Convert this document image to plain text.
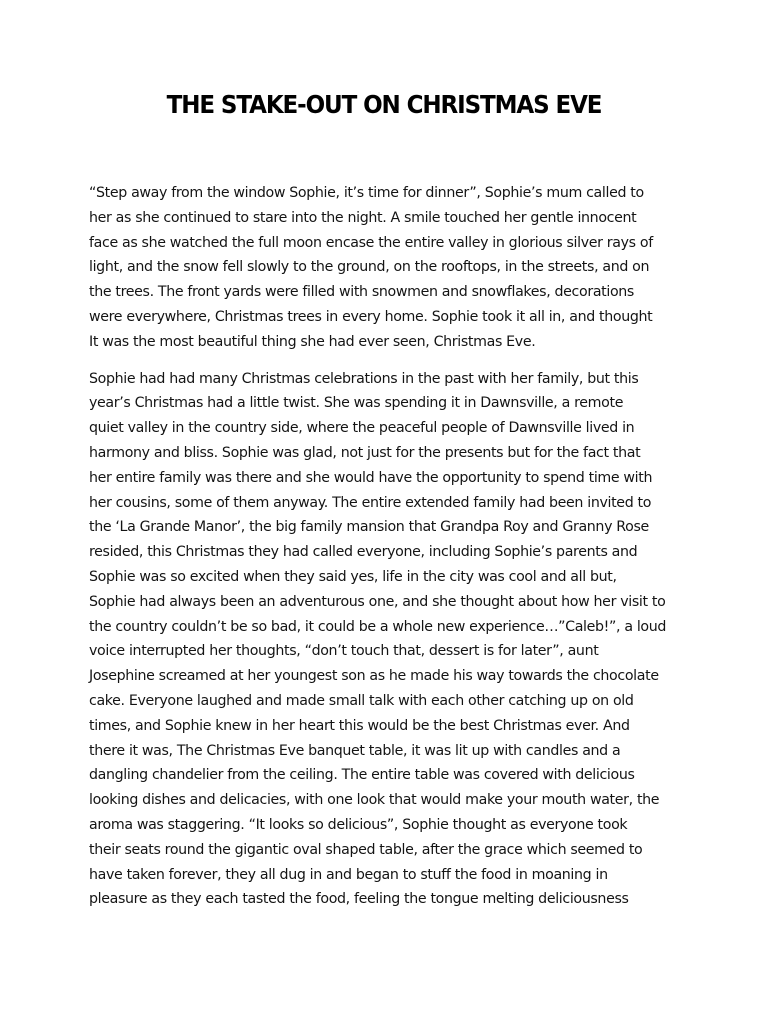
THE STAKE-OUT ON CHRISTMAS EVE

“Step away from the window Sophie, it’s time for dinner”, Sophie’s mum called to
her as she continued to stare into the night. A smile touched her gentle innocent
face as she watched the full moon encase the entire valley in glorious silver rays of
light, and the snow fell slowly to the ground, on the rooftops, in the streets, and on
the trees. The front yards were filled with snowmen and snowflakes, decorations
were everywhere, Christmas trees in every home. Sophie took it all in, and thought
It was the most beautiful thing she had ever seen, Christmas Eve.

Sophie had had many Christmas celebrations in the past with her family, but this
year’s Christmas had a little twist. She was spending it in Dawnsville, a remote
quiet valley in the country side, where the peaceful people of Dawnsville lived in
harmony and bliss. Sophie was glad, not just for the presents but for the fact that
her entire family was there and she would have the opportunity to spend time with
her cousins, some of them anyway. The entire extended family had been invited to
the ‘La Grande Manor’, the big family mansion that Grandpa Roy and Granny Rose
resided, this Christmas they had called everyone, including Sophie’s parents and
Sophie was so excited when they said yes, life in the city was cool and all but,
Sophie had always been an adventurous one, and she thought about how her visit to
the country couldn’t be so bad, it could be a whole new experience…”Caleb!”, a loud
voice interrupted her thoughts, “don’t touch that, dessert is for later”, aunt
Josephine screamed at her youngest son as he made his way towards the chocolate
cake. Everyone laughed and made small talk with each other catching up on old
times, and Sophie knew in her heart this would be the best Christmas ever. And
there it was, The Christmas Eve banquet table, it was lit up with candles and a
dangling chandelier from the ceiling. The entire table was covered with delicious
looking dishes and delicacies, with one look that would make your mouth water, the
aroma was staggering. “It looks so delicious”, Sophie thought as everyone took
their seats round the gigantic oval shaped table, after the grace which seemed to
have taken forever, they all dug in and began to stuff the food in moaning in
pleasure as they each tasted the food, feeling the tongue melting deliciousness
